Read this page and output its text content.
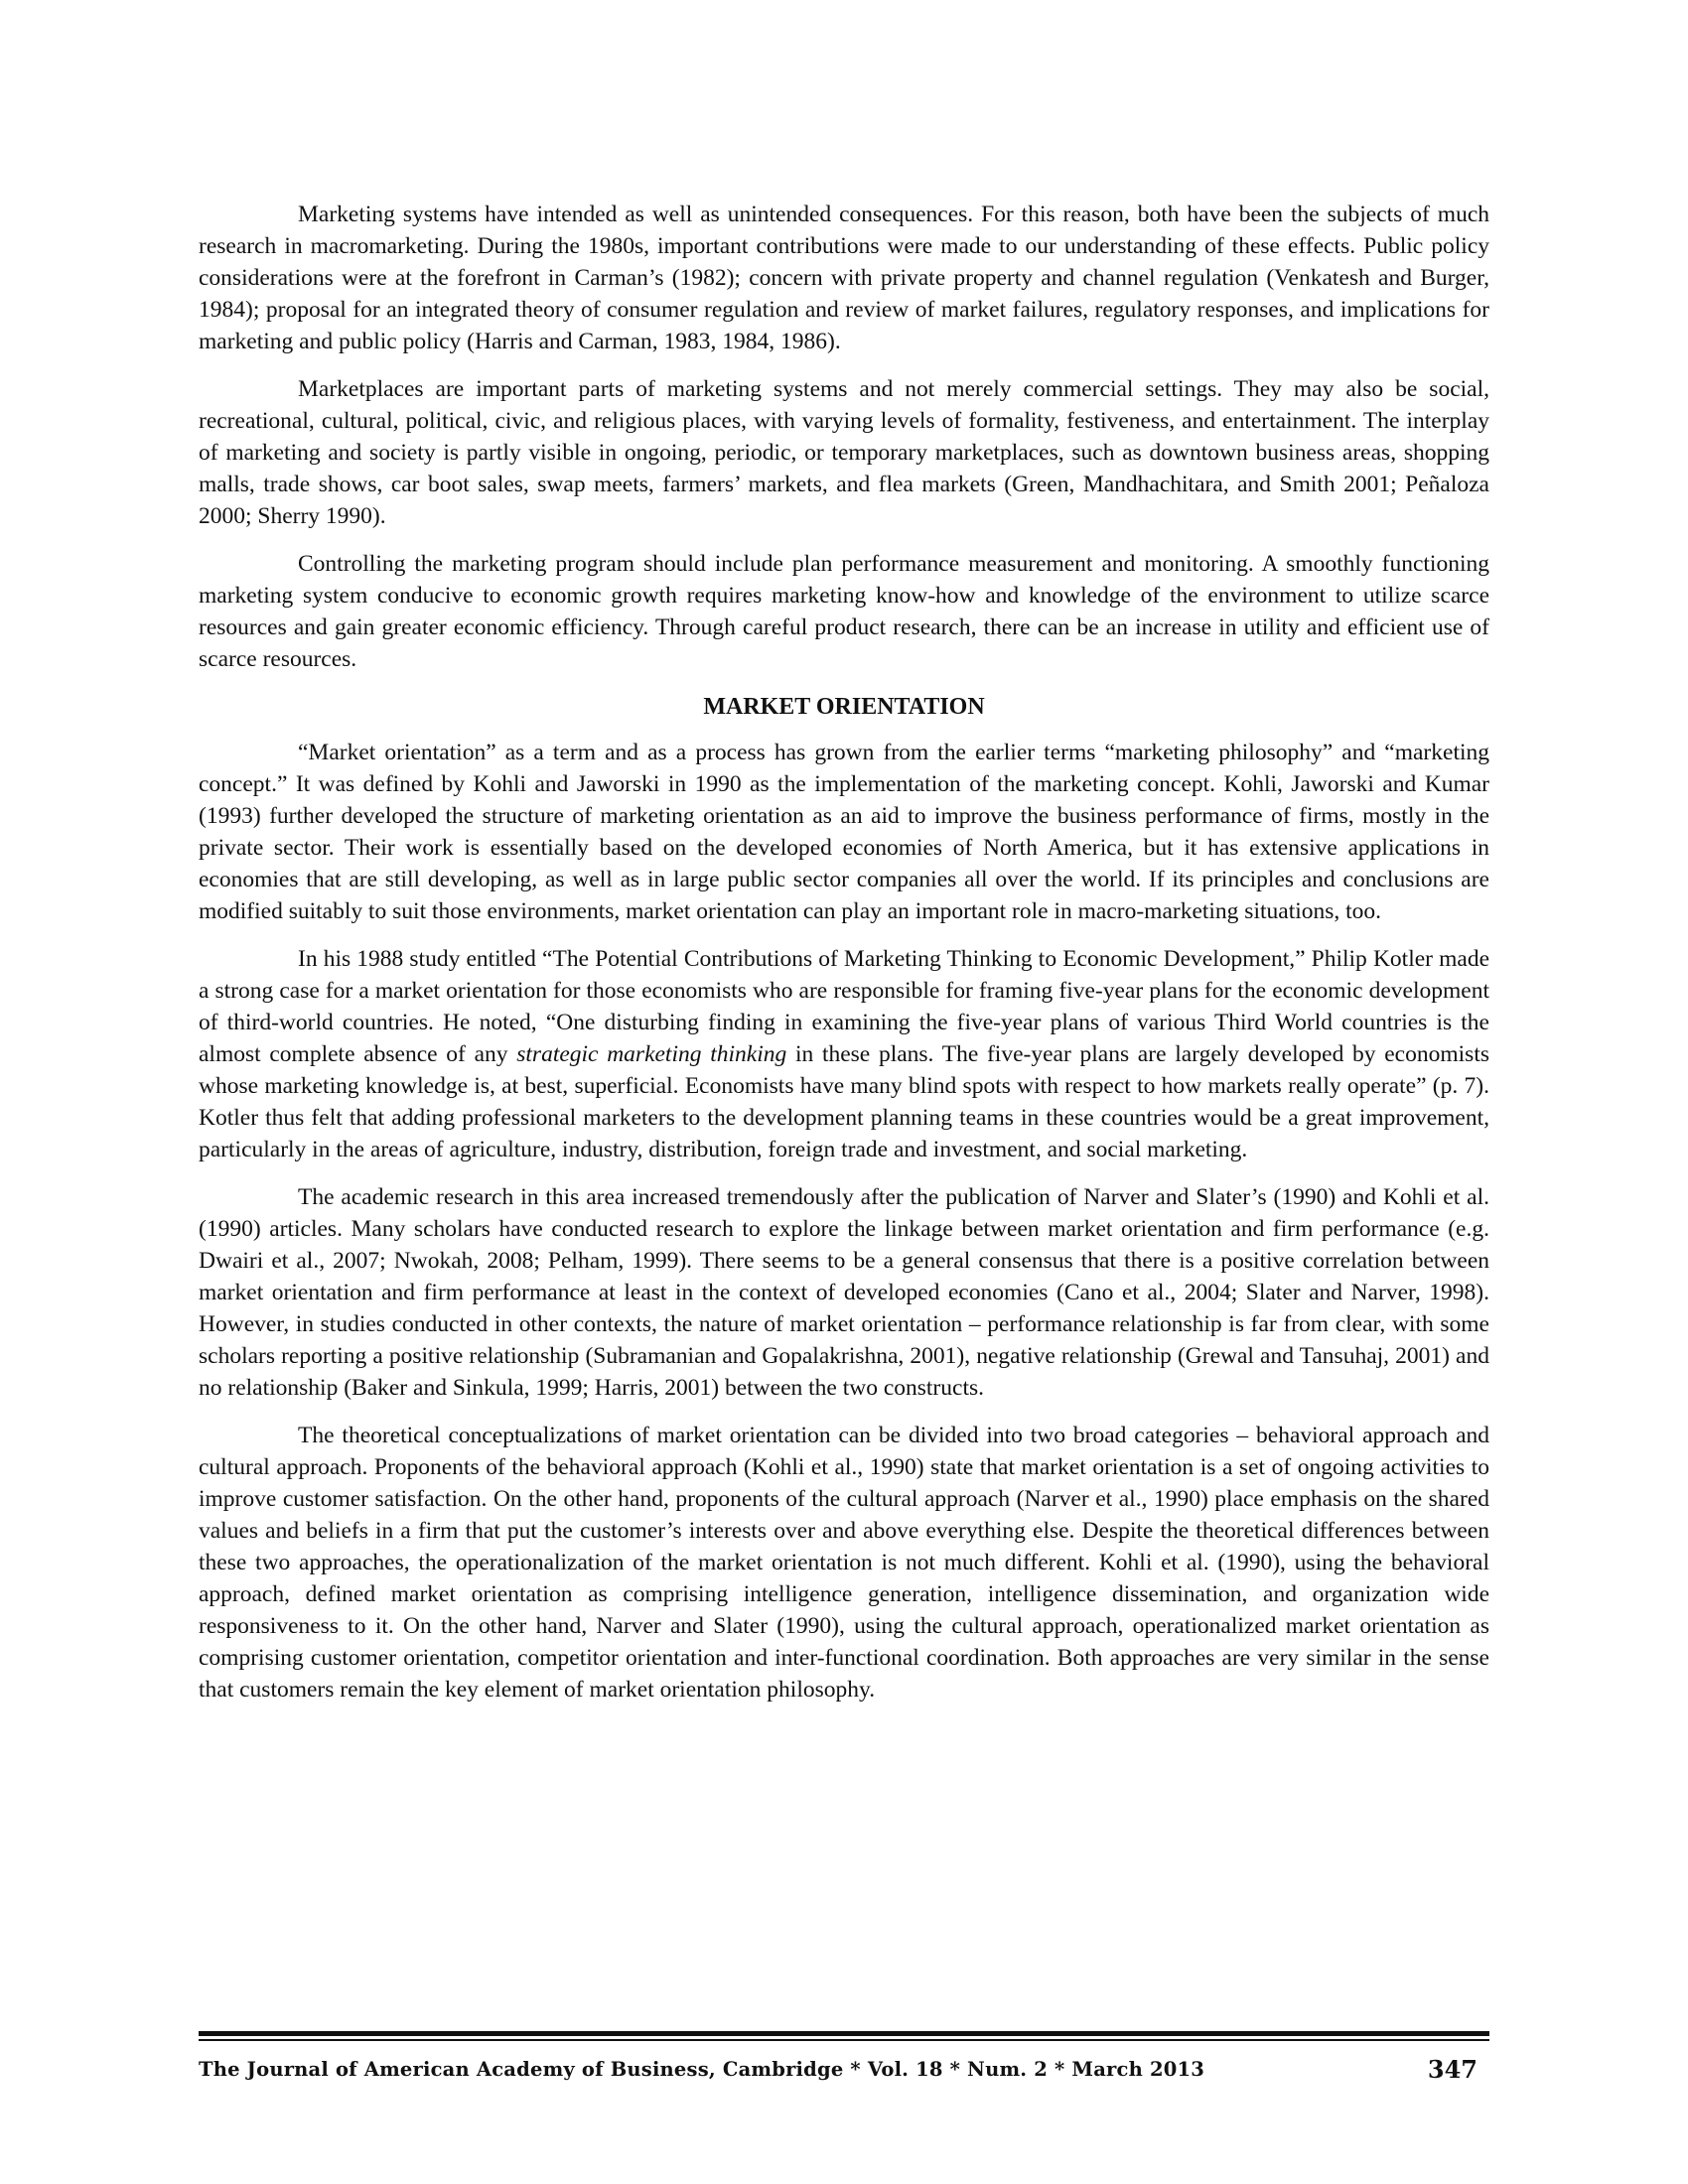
Marketing systems have intended as well as unintended consequences. For this reason, both have been the subjects of much research in macromarketing. During the 1980s, important contributions were made to our understanding of these effects. Public policy considerations were at the forefront in Carman’s (1982); concern with private property and channel regulation (Venkatesh and Burger, 1984); proposal for an integrated theory of consumer regulation and review of market failures, regulatory responses, and implications for marketing and public policy (Harris and Carman, 1983, 1984, 1986).

Marketplaces are important parts of marketing systems and not merely commercial settings. They may also be social, recreational, cultural, political, civic, and religious places, with varying levels of formality, festiveness, and entertainment. The interplay of marketing and society is partly visible in ongoing, periodic, or temporary marketplaces, such as downtown business areas, shopping malls, trade shows, car boot sales, swap meets, farmers’ markets, and flea markets (Green, Mandhachitara, and Smith 2001; Peñaloza 2000; Sherry 1990).

Controlling the marketing program should include plan performance measurement and monitoring. A smoothly functioning marketing system conducive to economic growth requires marketing know-how and knowledge of the environment to utilize scarce resources and gain greater economic efficiency. Through careful product research, there can be an increase in utility and efficient use of scarce resources.

MARKET ORIENTATION

“Market orientation” as a term and as a process has grown from the earlier terms “marketing philosophy” and “marketing concept.” It was defined by Kohli and Jaworski in 1990 as the implementation of the marketing concept. Kohli, Jaworski and Kumar (1993) further developed the structure of marketing orientation as an aid to improve the business performance of firms, mostly in the private sector. Their work is essentially based on the developed economies of North America, but it has extensive applications in economies that are still developing, as well as in large public sector companies all over the world. If its principles and conclusions are modified suitably to suit those environments, market orientation can play an important role in macro-marketing situations, too.

In his 1988 study entitled “The Potential Contributions of Marketing Thinking to Economic Development,” Philip Kotler made a strong case for a market orientation for those economists who are responsible for framing five-year plans for the economic development of third-world countries. He noted, “One disturbing finding in examining the five-year plans of various Third World countries is the almost complete absence of any strategic marketing thinking in these plans. The five-year plans are largely developed by economists whose marketing knowledge is, at best, superficial. Economists have many blind spots with respect to how markets really operate” (p. 7). Kotler thus felt that adding professional marketers to the development planning teams in these countries would be a great improvement, particularly in the areas of agriculture, industry, distribution, foreign trade and investment, and social marketing.

The academic research in this area increased tremendously after the publication of Narver and Slater’s (1990) and Kohli et al. (1990) articles. Many scholars have conducted research to explore the linkage between market orientation and firm performance (e.g. Dwairi et al., 2007; Nwokah, 2008; Pelham, 1999). There seems to be a general consensus that there is a positive correlation between market orientation and firm performance at least in the context of developed economies (Cano et al., 2004; Slater and Narver, 1998). However, in studies conducted in other contexts, the nature of market orientation – performance relationship is far from clear, with some scholars reporting a positive relationship (Subramanian and Gopalakrishna, 2001), negative relationship (Grewal and Tansuhaj, 2001) and no relationship (Baker and Sinkula, 1999; Harris, 2001) between the two constructs.

The theoretical conceptualizations of market orientation can be divided into two broad categories – behavioral approach and cultural approach. Proponents of the behavioral approach (Kohli et al., 1990) state that market orientation is a set of ongoing activities to improve customer satisfaction. On the other hand, proponents of the cultural approach (Narver et al., 1990) place emphasis on the shared values and beliefs in a firm that put the customer’s interests over and above everything else. Despite the theoretical differences between these two approaches, the operationalization of the market orientation is not much different. Kohli et al. (1990), using the behavioral approach, defined market orientation as comprising intelligence generation, intelligence dissemination, and organization wide responsiveness to it. On the other hand, Narver and Slater (1990), using the cultural approach, operationalized market orientation as comprising customer orientation, competitor orientation and inter-functional coordination. Both approaches are very similar in the sense that customers remain the key element of market orientation philosophy.

The Journal of American Academy of Business, Cambridge * Vol. 18 * Num. 2 * March 2013	347
